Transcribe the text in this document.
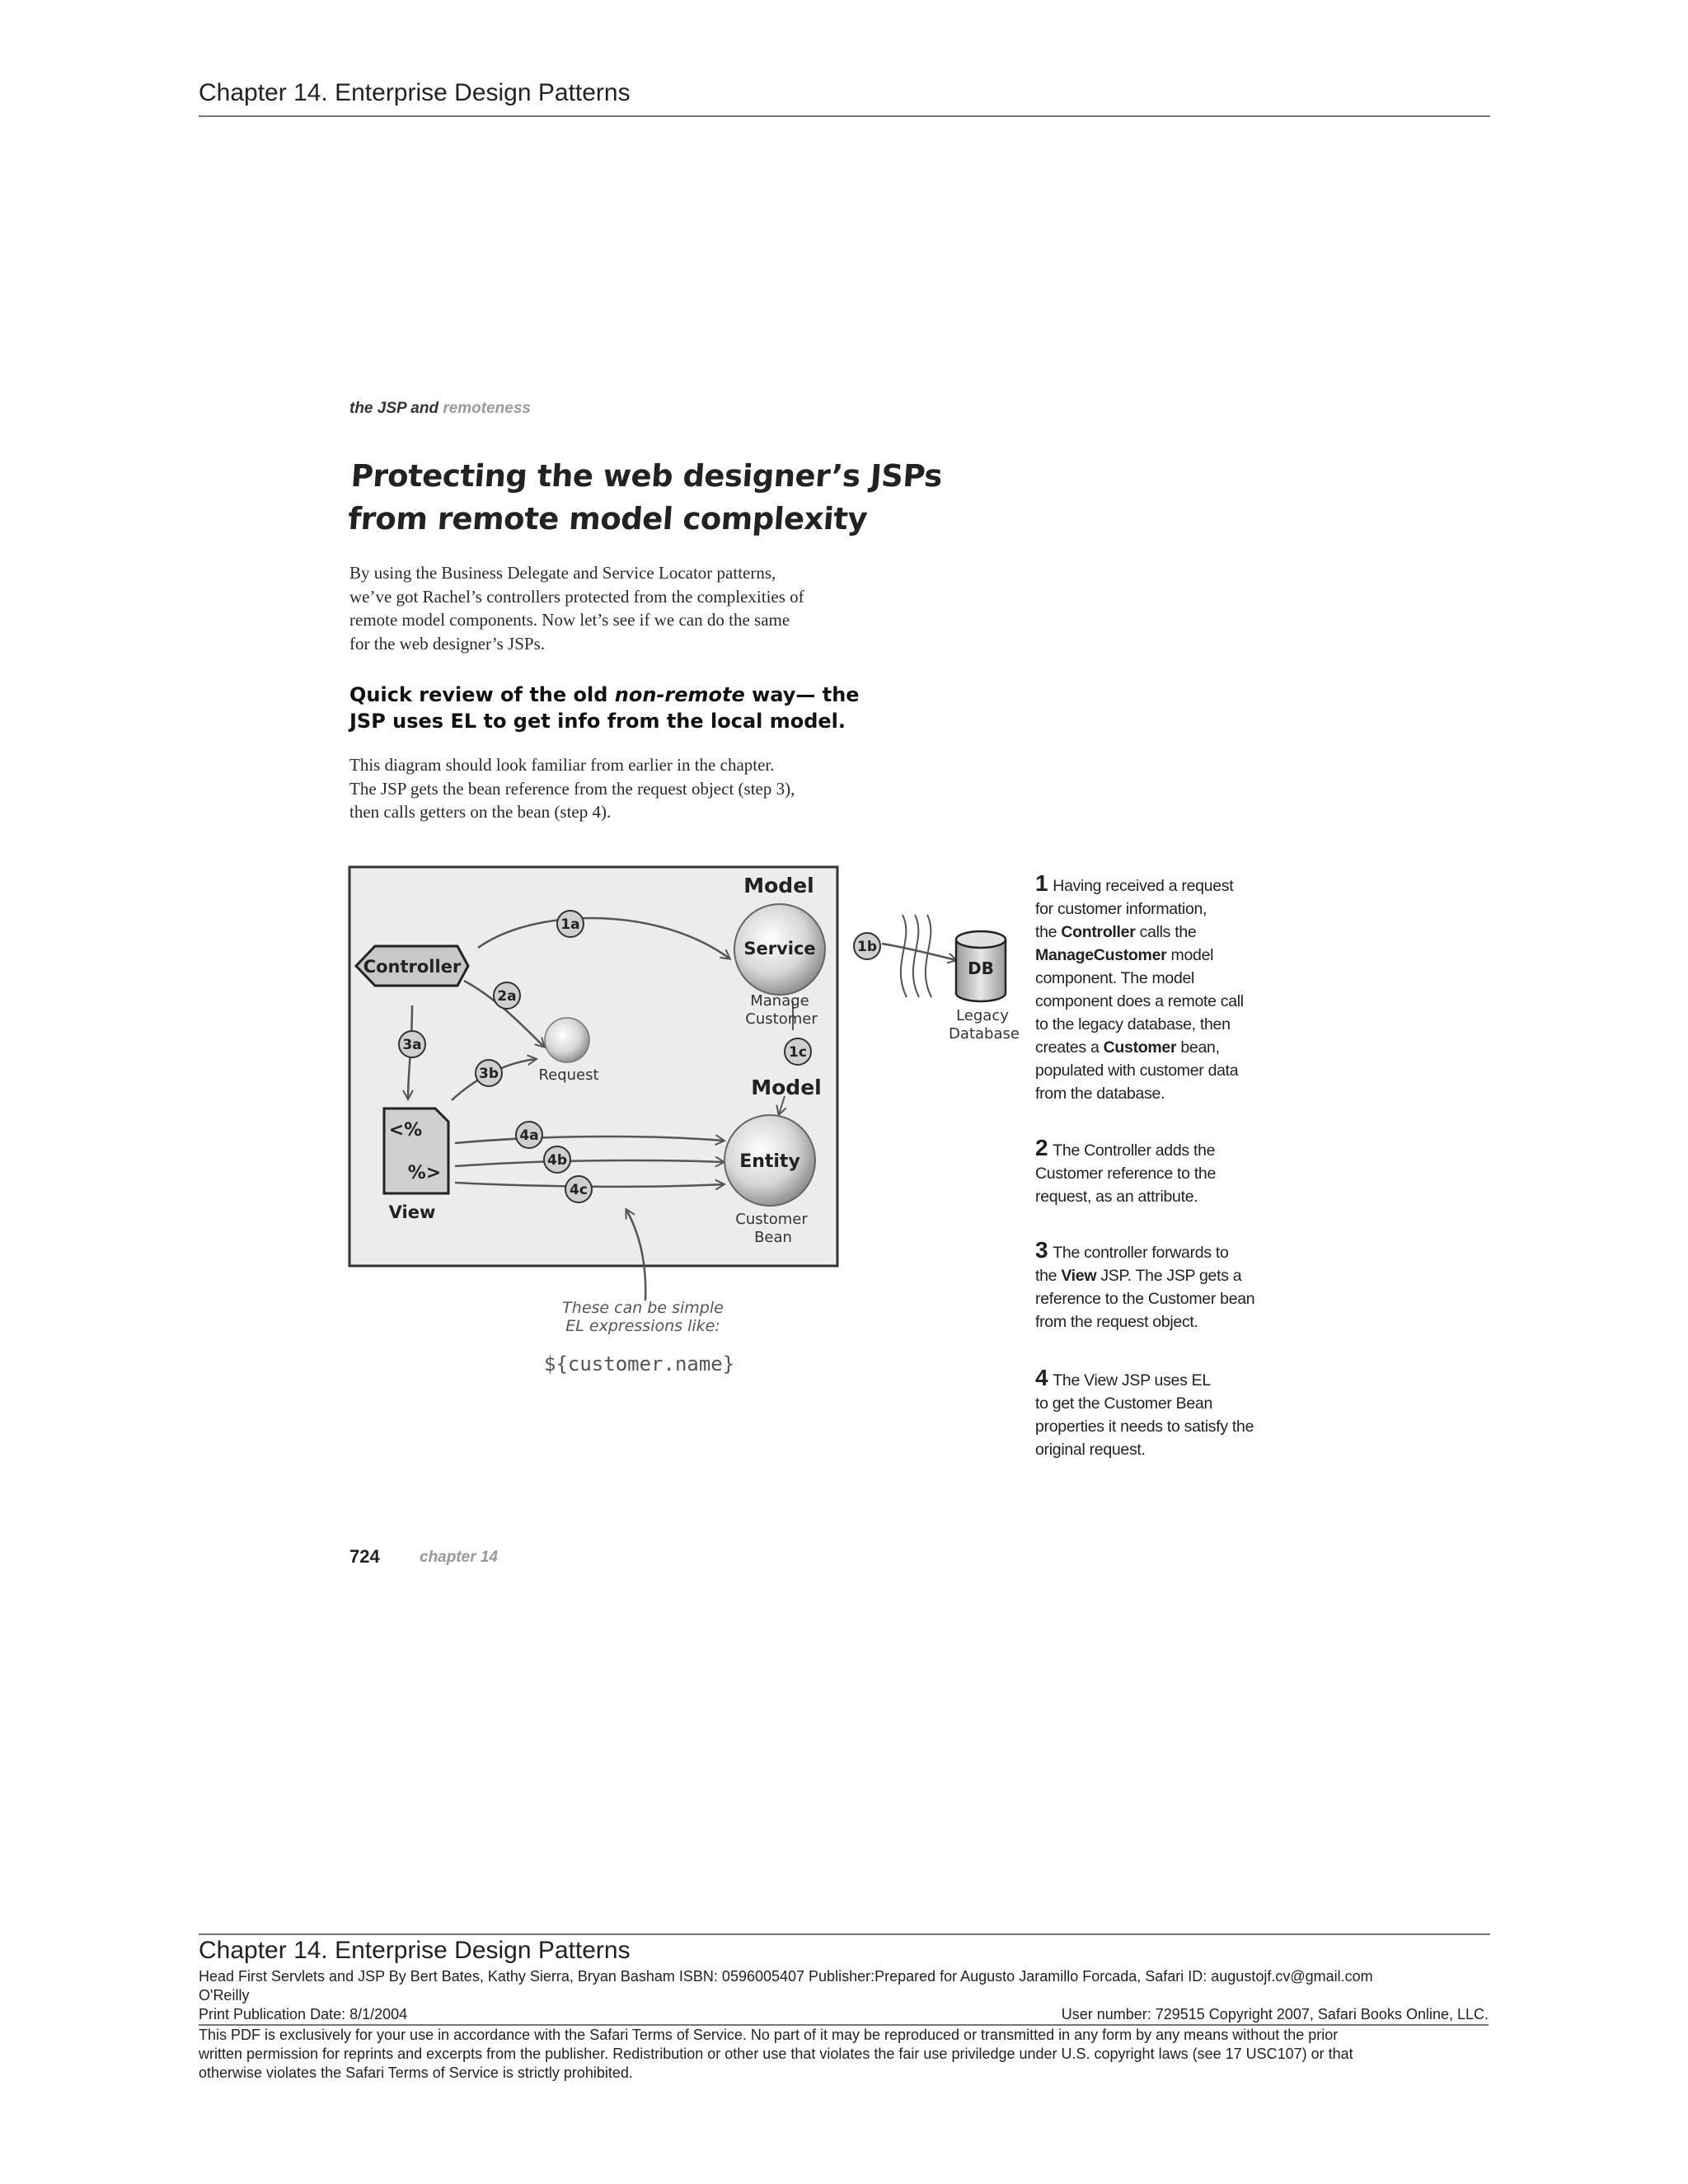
Chapter 14. Enterprise Design Patterns
the JSP and remoteness
Protecting the web designer’s JSPs
from remote model complexity
By using the Business Delegate and Service Locator patterns,
we’ve got Rachel’s controllers protected from the complexities of
remote model components. Now let’s see if we can do the same
for the web designer’s JSPs.
Quick review of the old non-remote way— the
JSP uses EL to get info from the local model.
This diagram should look familiar from earlier in the chapter.
The JSP gets the bean reference from the request object (step 3),
then calls getters on the bean (step 4).
Controller
Service
Model
Manage
Customer
Request
Entity
Model
Customer
Bean
<%
%>
View
DB
Legacy
Database
1a
1b
1c
2a
3a
3b
4a
4b
4c
These can be simple
EL expressions like:
${customer.name}
1 Having received a request
for customer information,
the Controller calls the
ManageCustomer model
component. The model
component does a remote call
to the legacy database, then
creates a Customer bean,
populated with customer data
from the database.
2 The Controller adds the
Customer reference to the
request, as an attribute.
3 The controller forwards to
the View JSP. The JSP gets a
reference to the Customer bean
from the request object.
4 The View JSP uses EL
to get the Customer Bean
properties it needs to satisfy the
original request.
724	chapter 14
Chapter 14. Enterprise Design Patterns
Head First Servlets and JSP By Bert Bates, Kathy Sierra, Bryan Basham ISBN: 0596005407 Publisher:Prepared for Augusto Jaramillo Forcada, Safari ID: augustojf.cv@gmail.com
O'Reilly
Print Publication Date: 8/1/2004	User number: 729515 Copyright 2007, Safari Books Online, LLC.
This PDF is exclusively for your use in accordance with the Safari Terms of Service. No part of it may be reproduced or transmitted in any form by any means without the prior
written permission for reprints and excerpts from the publisher. Redistribution or other use that violates the fair use priviledge under U.S. copyright laws (see 17 USC107) or that
otherwise violates the Safari Terms of Service is strictly prohibited.
